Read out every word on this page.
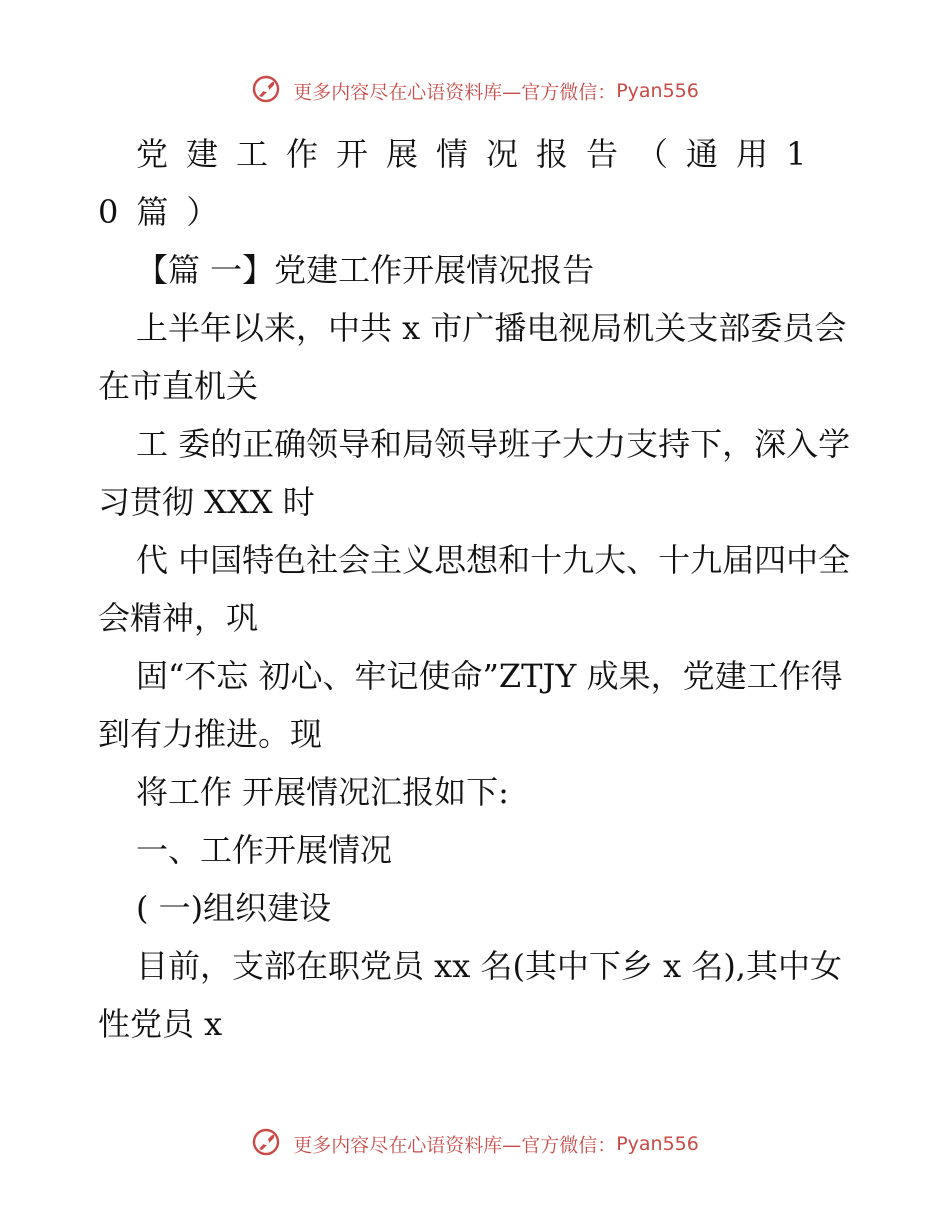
更多内容尽在心语资料库—官方微信：Pyan556

党建工作开展情况报告（通用10篇）

【篇 一】党建工作开展情况报告

上半年以来，中共 x 市广播电视局机关支部委员会在市直机关

工 委的正确领导和局领导班子大力支持下，深入学习贯彻 XXX 时

代 中国特色社会主义思想和十九大、十九届四中全会精神，巩

固“不忘 初心、牢记使命”ZTJY 成果，党建工作得到有力推进。现

将工作 开展情况汇报如下:

一、工作开展情况

( 一)组织建设

目前，支部在职党员 xx 名(其中下乡 x 名),其中女性党员 x

更多内容尽在心语资料库—官方微信：Pyan556
